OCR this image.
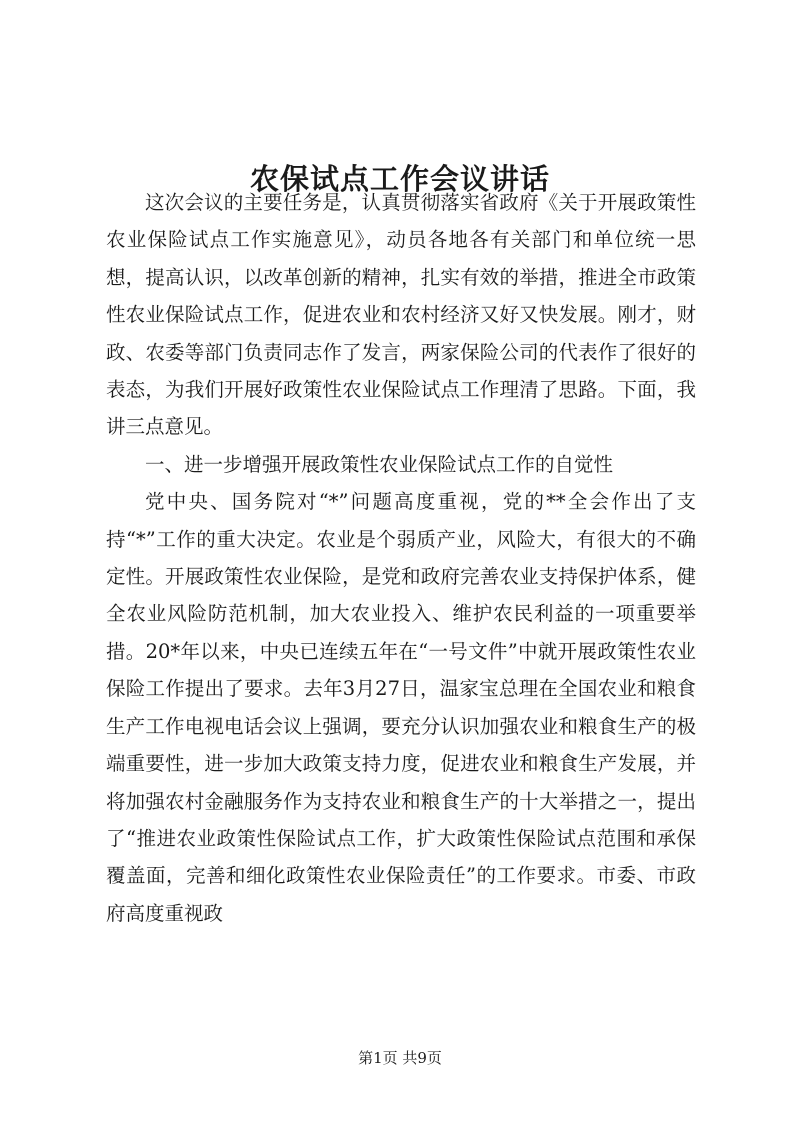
农保试点工作会议讲话

这次会议的主要任务是，认真贯彻落实省政府《关于开展政策性农业保险试点工作实施意见》，动员各地各有关部门和单位统一思想，提高认识，以改革创新的精神，扎实有效的举措，推进全市政策性农业保险试点工作，促进农业和农村经济又好又快发展。刚才，财政、农委等部门负责同志作了发言，两家保险公司的代表作了很好的表态，为我们开展好政策性农业保险试点工作理清了思路。下面，我讲三点意见。

一、进一步增强开展政策性农业保险试点工作的自觉性

党中央、国务院对“*”问题高度重视，党的**全会作出了支持“*”工作的重大决定。农业是个弱质产业，风险大，有很大的不确定性。开展政策性农业保险，是党和政府完善农业支持保护体系，健全农业风险防范机制，加大农业投入、维护农民利益的一项重要举措。20*年以来，中央已连续五年在“一号文件”中就开展政策性农业保险工作提出了要求。去年3月27日，温家宝总理在全国农业和粮食生产工作电视电话会议上强调，要充分认识加强农业和粮食生产的极端重要性，进一步加大政策支持力度，促进农业和粮食生产发展，并将加强农村金融服务作为支持农业和粮食生产的十大举措之一，提出了“推进农业政策性保险试点工作，扩大政策性保险试点范围和承保覆盖面，完善和细化政策性农业保险责任”的工作要求。市委、市政府高度重视政

第1页 共9页
